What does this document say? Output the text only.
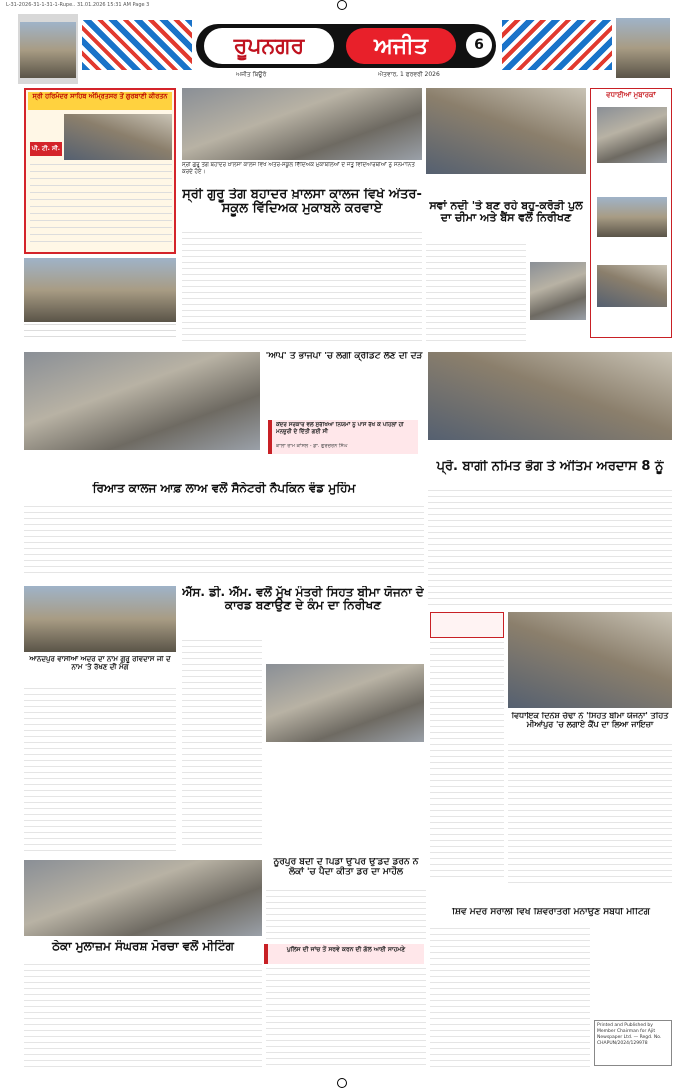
L-31-2026-31-1-31-1-Rupe.. 31.01.2026 15:31 AM Page 3
ਰੂਪਨਗਰ	ਅਜੀਤ	6
ਅਜੀਤ ਬਿਊਰੋ	ਐਤਵਾਰ, 1 ਫਰਵਰੀ 2026
ਸ੍ਰੀ ਹਰਿਮੰਦਰ ਸਾਹਿਬ ਅੰਮ੍ਰਿਤਸਰ ਤੋਂ ਗੁਰਬਾਣੀ ਕੀਰਤਨ
ਪੀ. ਟੀ. ਸੀ.
ਸ੍ਰੀ ਗੁਰੂ ਤੇਗ ਬਹਾਦਰ ਖ਼ਾਲਸਾ ਕਾਲਜ ਵਿਖੇ ਅੰਤਰ-ਸਕੂਲ ਵਿੱਦਿਅਕ ਮੁਕਾਬਲਿਆਂ ਦੇ ਜੇਤੂ ਵਿਦਿਆਰਥੀਆਂ ਨੂੰ ਸਨਮਾਨਿਤ ਕਰਦੇ ਹੋਏ।
ਵਧਾਈਆਂ ਮੁਬਾਰਕਾਂ
ਸ੍ਰੀ ਗੁਰੂ ਤੇਗ ਬਹਾਦਰ ਖ਼ਾਲਸਾ ਕਾਲਜ ਵਿਖੇ ਅੰਤਰ-ਸਕੂਲ ਵਿੱਦਿਅਕ ਮੁਕਾਬਲੇ ਕਰਵਾਏ	ਸਵਾਂ ਨਦੀ 'ਤੇ ਬਣ ਰਹੇ ਬਹੁ-ਕਰੋੜੀ ਪੁਲ ਦਾ ਚੀਮਾ ਅਤੇ ਬੈਂਸ ਵਲੋਂ ਨਿਰੀਖਣ
'ਆਪ' ਤੇ ਭਾਜਪਾ 'ਚ ਲੱਗੀ ਕ੍ਰੈਡਿਟ ਲੈਣ ਦੀ ਦੌੜ
ਕੇਂਦਰ ਸਰਕਾਰ ਵਲੋਂ ਸੁਰੱਖਿਆ ਨਿਯਮਾਂ ਨੂੰ ਪਾਸੇ ਰੱਖ ਕੇ ਪਹਿਲਾਂ ਹੀ ਮਨਜ਼ੂਰੀ ਦੇ ਦਿੱਤੀ ਗਈ ਸੀ
ਕਾਲਾ ਰਾਮ ਕਾਂਸਲ - ਡਾ. ਗੁਰਚਰਨ ਸਿੰਘ
ਪ੍ਰੋ. ਬਾਗੀ ਨਮਿਤ ਭੋਗ ਤੇ ਅੰਤਿਮ ਅਰਦਾਸ 8 ਨੂੰ
ਰਿਆਤ ਕਾਲਜ ਆਫ਼ ਲਾਅ ਵਲੋਂ ਸੈਨੇਟਰੀ ਨੈਪਕਿਨ ਵੰਡ ਮੁਹਿੰਮ
ਐੱਸ. ਡੀ. ਐੱਮ. ਵਲੋਂ ਮੁੱਖ ਮੰਤਰੀ ਸਿਹਤ ਬੀਮਾ ਯੋਜਨਾ ਦੇ ਕਾਰਡ ਬਣਾਉਣ ਦੇ ਕੰਮ ਦਾ ਨਿਰੀਖਣ
ਆਨੰਦਪੁਰ ਵਾਸੀਆਂ ਅੰਦਰ ਦਾ ਨਾਮ ਗੁਰੂ ਰਵਿਦਾਸ ਜੀ ਦੇ ਨਾਮ 'ਤੇ ਰੱਖਣ ਦੀ ਮੰਗ
ਵਿਧਾਇਕ ਦਿਨੇਸ਼ ਚੱਢਾ ਨੇ 'ਸਿਹਤ ਬੀਮਾ ਯੋਜਨਾ' ਤਹਿਤ ਮੀਆਂਪੁਰ 'ਚ ਲਗਾਏ ਕੈਂਪ ਦਾ ਲਿਆ ਜਾਇਜ਼ਾ
ਨੂਰਪੁਰ ਬੇਦੀ ਦੇ ਪਿੰਡਾਂ ਉੱਪਰ ਉੱਡਦੇ ਡਰੋਨ ਨੇ ਲੋਕਾਂ 'ਚ ਪੈਦਾ ਕੀਤਾ ਡਰ ਦਾ ਮਾਹੌਲ
ਪੁਲਿਸ ਦੀ ਜਾਂਚ ਤੋਂ ਸਰਵੇ ਕਰਨ ਦੀ ਗੱਲ ਆਈ ਸਾਹਮਣੇ
ਠੇਕਾ ਮੁਲਾਜ਼ਮ ਸੰਘਰਸ਼ ਮੋਰਚਾ ਵਲੋਂ ਮੀਟਿੰਗ
ਸ਼ਿਵ ਮੰਦਰ ਸਰਾਲੀ ਵਿਖੇ ਸ਼ਿਵਰਾਤਰੀ ਮਨਾਉਣ ਸਬੰਧੀ ਮੀਟਿੰਗ
Printed and Published by Member Chairman for Ajit Newspaper Ltd. — Regd. No. CHAPUN/2024/129978
